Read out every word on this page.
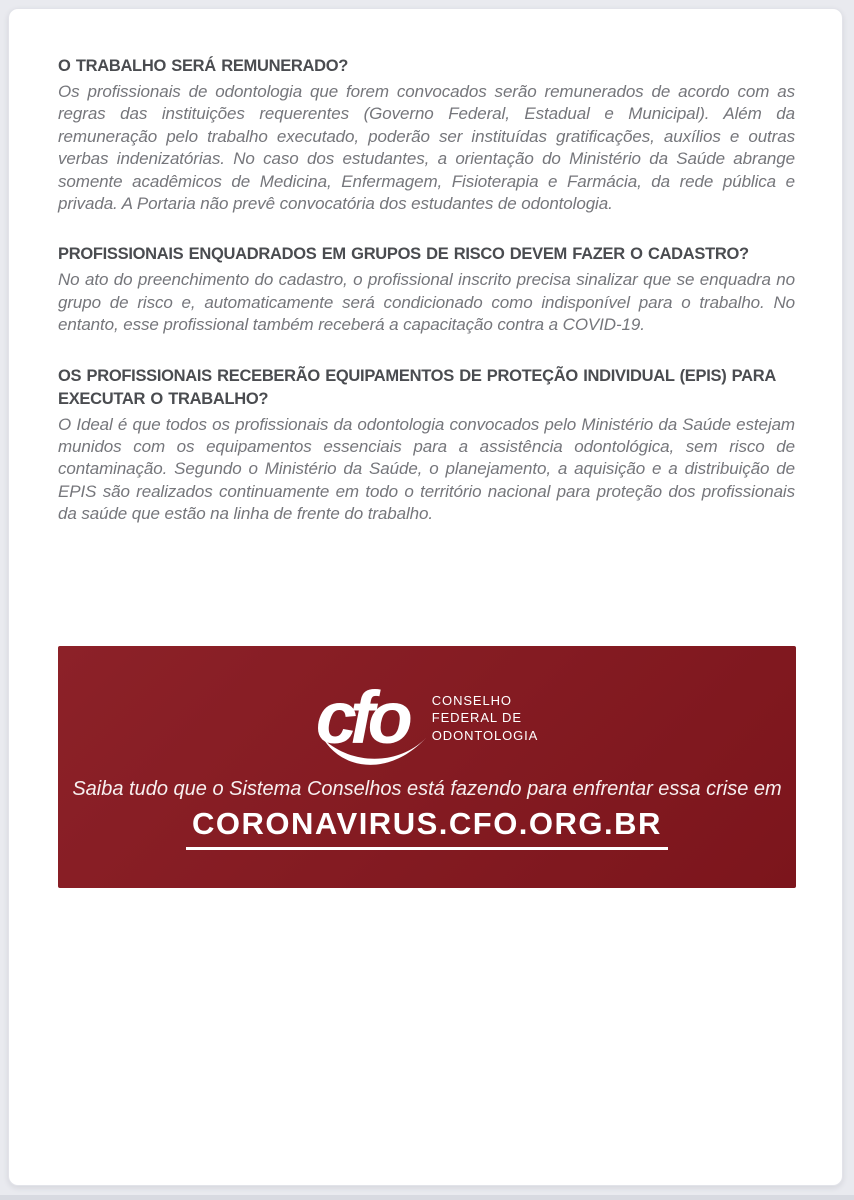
O TRABALHO SERÁ REMUNERADO?

Os profissionais de odontologia que forem convocados serão remunerados de acordo com as regras das instituições requerentes (Governo Federal, Estadual e Municipal). Além da remuneração pelo trabalho executado, poderão ser instituídas gratificações, auxílios e outras verbas indenizatórias. No caso dos estudantes, a orientação do Ministério da Saúde abrange somente acadêmicos de Medicina, Enfermagem, Fisioterapia e Farmácia, da rede pública e privada. A Portaria não prevê convocatória dos estudantes de odontologia.

PROFISSIONAIS ENQUADRADOS EM GRUPOS DE RISCO DEVEM FAZER O CADASTRO?

No ato do preenchimento do cadastro, o profissional inscrito precisa sinalizar que se enquadra no grupo de risco e, automaticamente será condicionado como indisponível para o trabalho. No entanto, esse profissional também receberá a capacitação contra a COVID-19.

OS PROFISSIONAIS RECEBERÃO EQUIPAMENTOS DE PROTEÇÃO INDIVIDUAL (EPIS) PARA EXECUTAR O TRABALHO?

O Ideal é que todos os profissionais da odontologia convocados pelo Ministério da Saúde estejam munidos com os equipamentos essenciais para a assistência odontológica, sem risco de contaminação. Segundo o Ministério da Saúde, o planejamento, a aquisição e a distribuição de EPIS são realizados continuamente em todo o território nacional para proteção dos profissionais da saúde que estão na linha de frente do trabalho.

cfo	CONSELHO
FEDERAL DE
ODONTOLOGIA

Saiba tudo que o Sistema Conselhos está fazendo para enfrentar essa crise em

CORONAVIRUS.CFO.ORG.BR
